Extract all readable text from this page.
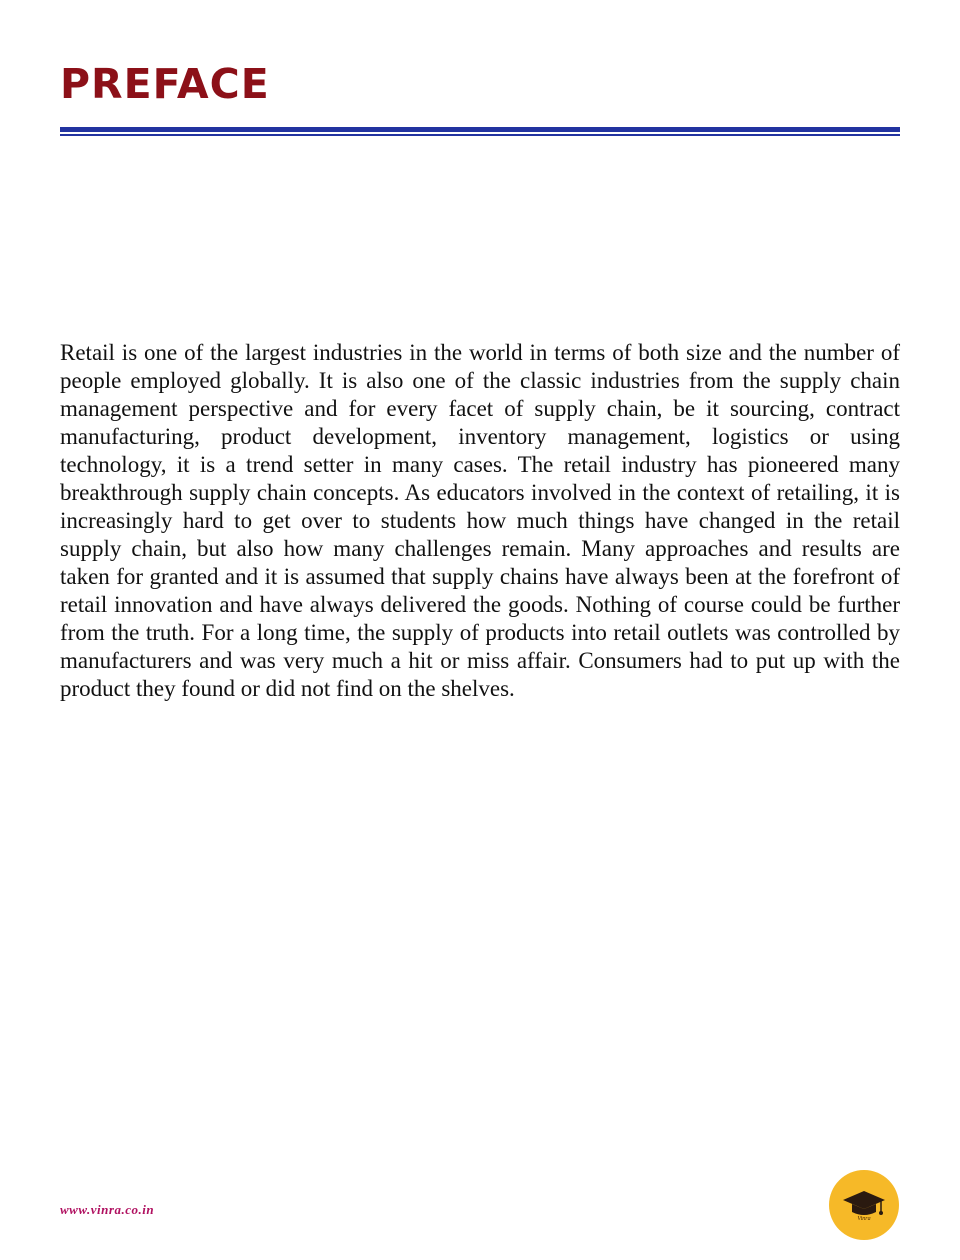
PREFACE

Retail is one of the largest industries in the world in terms of both size and the number of people employed globally. It is also one of the classic industries from the supply chain management perspective and for every facet of supply chain, be it sourcing, contract manufacturing, product development, inventory management, logistics or using technology, it is a trend setter in many cases. The retail industry has pioneered many breakthrough supply chain concepts. As educators involved in the context of retailing, it is increasingly hard to get over to students how much things have changed in the retail supply chain, but also how many challenges remain. Many approaches and results are taken for granted and it is assumed that supply chains have always been at the forefront of retail innovation and have always delivered the goods. Nothing of course could be further from the truth. For a long time, the supply of products into retail outlets was controlled by manufacturers and was very much a hit or miss affair. Consumers had to put up with the product they found or did not find on the shelves.

www.vinra.co.in
Vinra
